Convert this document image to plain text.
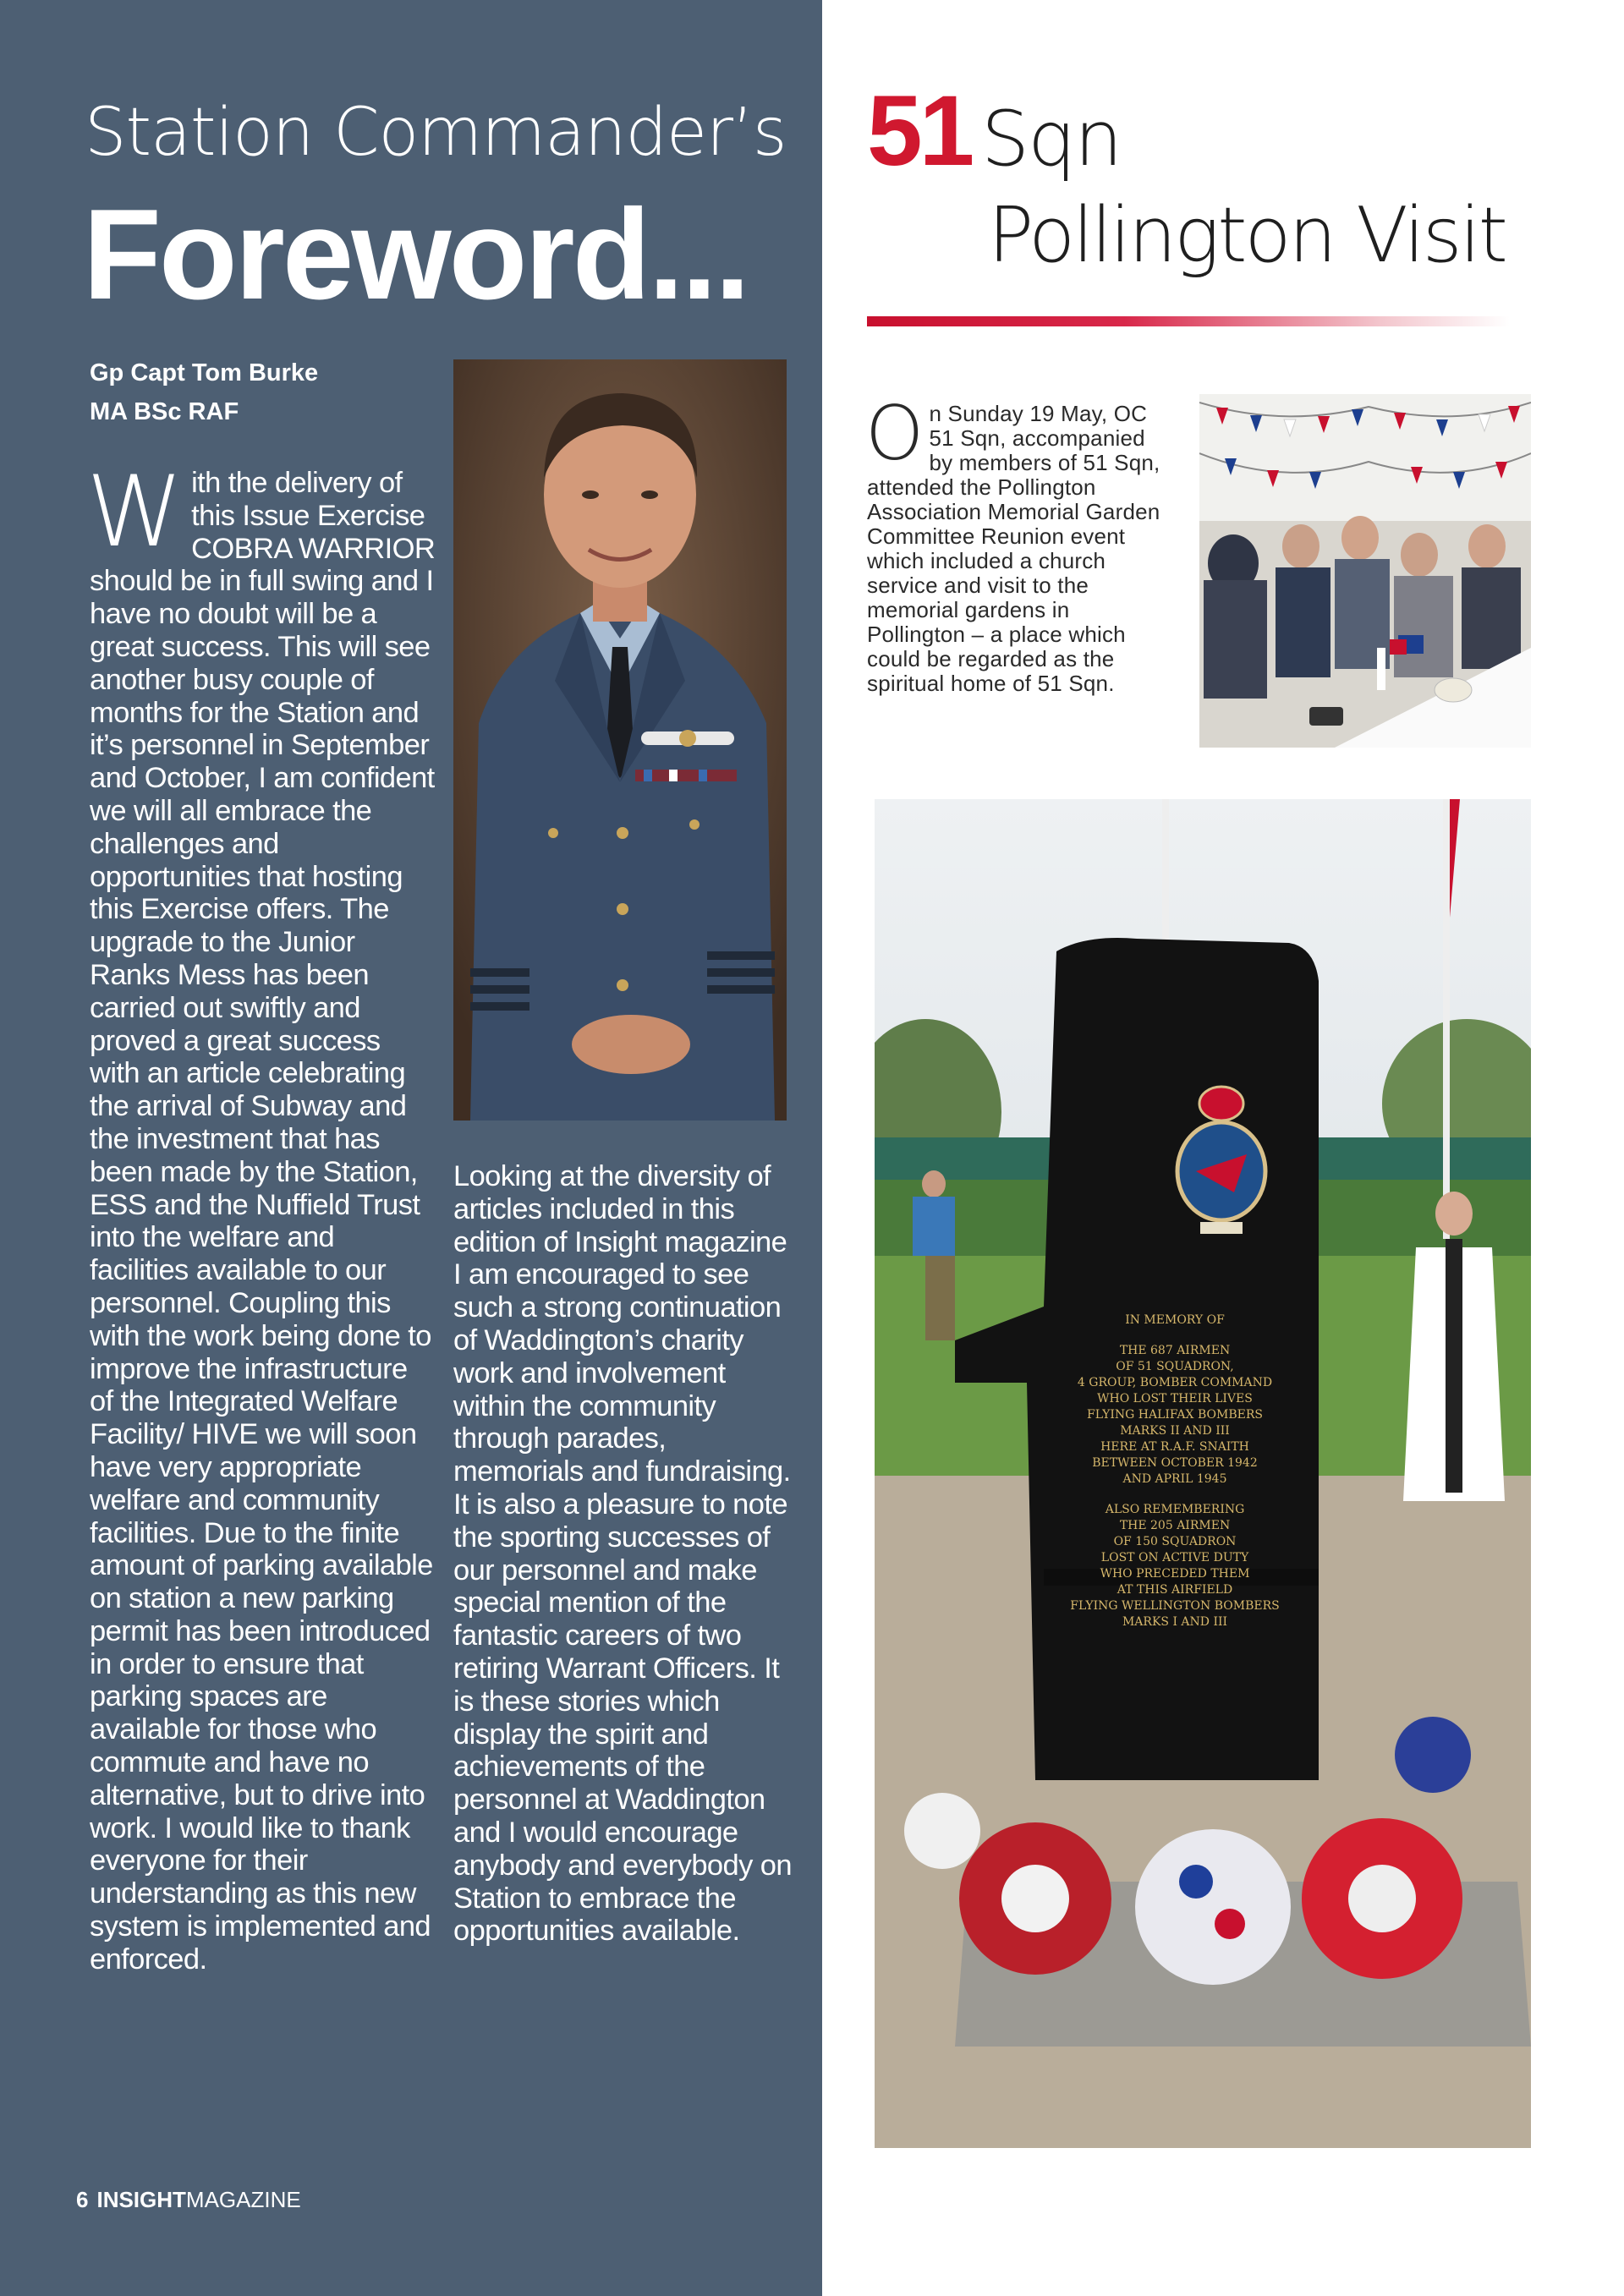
Station Commander’s
Foreword...
Gp Capt Tom Burke
MA BSc RAF
W ith the delivery of this Issue Exercise COBRA WARRIOR should be in full swing and I have no doubt will be a great success. This will see another busy couple of months for the Station and it’s personnel in September and October, I am confident we will all embrace the challenges and opportunities that hosting this Exercise offers. The upgrade to the Junior Ranks Mess has been carried out swiftly and proved a great success with an article celebrating the arrival of Subway and the investment that has been made by the Station, ESS and the Nuffield Trust into the welfare and facilities available to our personnel. Coupling this with the work being done to improve the infrastructure of the Integrated Welfare Facility/ HIVE we will soon have very appropriate welfare and community facilities. Due to the finite amount of parking available on station a new parking permit has been introduced in order to ensure that parking spaces are available for those who commute and have no alternative, but to drive into work. I would like to thank everyone for their understanding as this new system is implemented and enforced.
Looking at the diversity of articles included in this edition of Insight magazine I am encouraged to see such a strong continuation of Waddington’s charity work and involvement within the community through parades, memorials and fundraising. It is also a pleasure to note the sporting successes of our personnel and make special mention of the fantastic careers of two retiring Warrant Officers. It is these stories which display the spirit and achievements of the personnel at Waddington and I would encourage anybody and everybody on Station to embrace the opportunities available.
6 INSIGHTMAGAZINE
51 Sqn
Pollington Visit
O n Sunday 19 May, OC 51 Sqn, accompanied by members of 51 Sqn, attended the Pollington Association Memorial Garden Committee Reunion event which included a church service and visit to the memorial gardens in Pollington – a place which could be regarded as the spiritual home of 51 Sqn.
IN MEMORY OF
THE 687 AIRMEN
OF 51 SQUADRON,
4 GROUP, BOMBER COMMAND
WHO LOST THEIR LIVES
FLYING HALIFAX BOMBERS
MARKS II AND III
HERE AT R.A.F. SNAITH
BETWEEN OCTOBER 1942
AND APRIL 1945
ALSO REMEMBERING
THE 205 AIRMEN
OF 150 SQUADRON
LOST ON ACTIVE DUTY
WHO PRECEDED THEM
AT THIS AIRFIELD
FLYING WELLINGTON BOMBERS
MARKS I AND III
